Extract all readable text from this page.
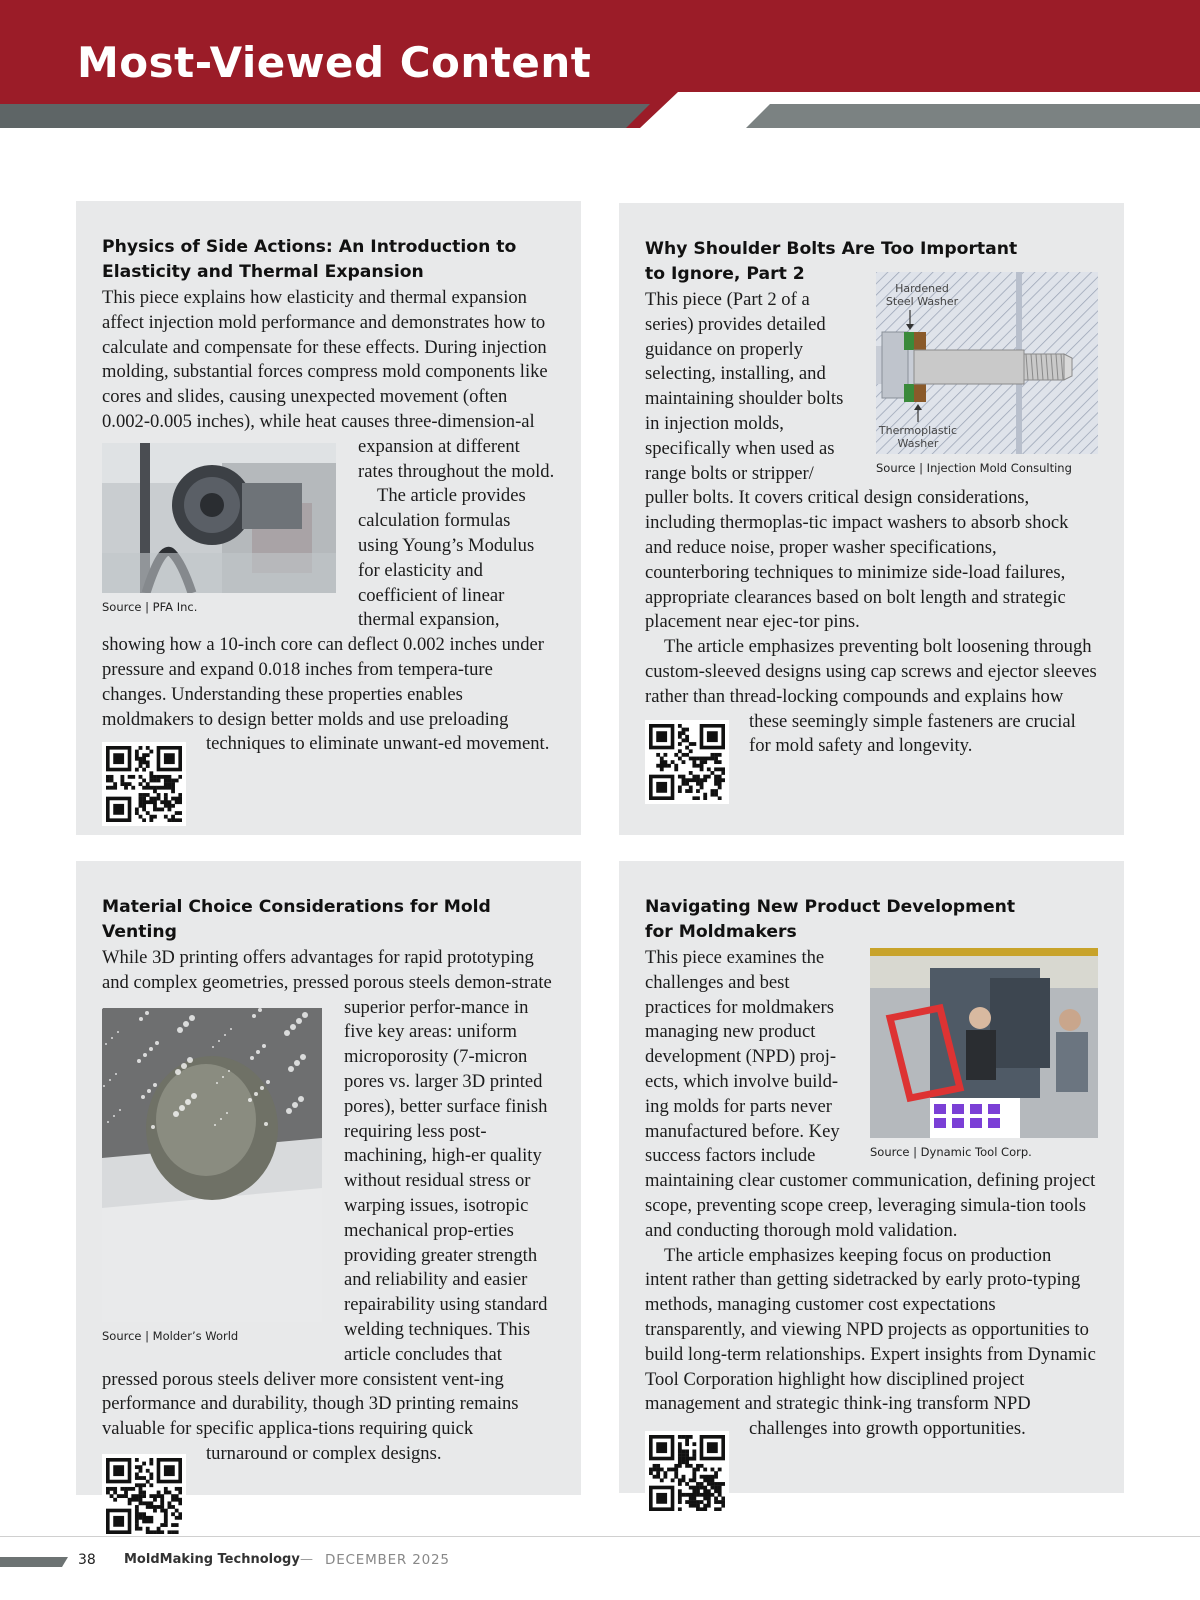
Most-Viewed Content
Physics of Side Actions: An Introduction to
Elasticity and Thermal Expansion

This piece explains how elasticity and thermal expansion affect injection mold performance and demonstrates how to calculate and compensate for these effects. During injection molding, substantial forces compress mold components like cores and slides, causing unexpected movement (often 0.002-0.005 inches), while heat causes three-dimension-al expansion at different
Source | PFA Inc.
rates throughout the mold.

The article provides calculation formulas using Young’s Modulus for elasticity and coefficient of linear thermal expansion, showing how a 10-inch core can deflect 0.002 inches under pressure and expand 0.018 inches from tempera-ture changes. Understanding these properties enables moldmakers to design better molds and use preloading
techniques to eliminate unwant-ed movement.

Why Shoulder Bolts Are Too Important
to Ignore, Part 2

Hardened
Steel Washer
Thermoplastic
Washer
Source | Injection Mold Consulting
This piece (Part 2 of a series) provides detailed guidance on properly selecting, installing, and maintaining shoulder bolts in injection molds, specifically when used as range bolts or stripper/ puller bolts. It covers critical design considerations, including thermoplas-tic impact washers to absorb shock and reduce noise, proper washer specifications, counterboring techniques to minimize side-load failures, appropriate clearances based on bolt length and strategic placement near ejec-tor pins.

The article emphasizes preventing bolt loosening through custom-sleeved designs using cap screws and ejector sleeves rather than thread-locking compounds and explains how
these seemingly simple fasteners are crucial for mold safety and longevity.

Material Choice Considerations for Mold Venting

While 3D printing offers advantages for rapid prototyping and complex geometries, pressed porous steels demon-strate superior perfor-mance in
Source | Molder’s World
five key areas: uniform microporosity (7-micron pores vs. larger 3D printed pores), better surface finish requiring less post-machining, high-er quality without residual stress or warping issues, isotropic mechanical prop-erties providing greater strength and reliability and easier repairability using standard welding techniques. This article concludes that pressed porous steels deliver more consistent vent-ing performance and durability, though 3D printing remains valuable for specific applica-tions requiring quick turnaround or complex designs.

Navigating New Product Development
for Moldmakers

Source | Dynamic Tool Corp.
This piece examines the challenges and best practices for moldmakers managing new product development (NPD) proj-ects, which involve build-ing molds for parts never manufactured before. Key success factors include maintaining clear customer communication, defining project scope, preventing scope creep, leveraging simula-tion tools and conducting thorough mold validation.

The article emphasizes keeping focus on production intent rather than getting sidetracked by early proto-typing methods, managing customer cost expectations transparently, and viewing NPD projects as opportunities to build long-term relationships. Expert insights from Dynamic Tool Corporation highlight how disciplined project management and strategic think-ing transform NPD challenges into growth opportunities.

38 MoldMaking Technology — DECEMBER 2025
